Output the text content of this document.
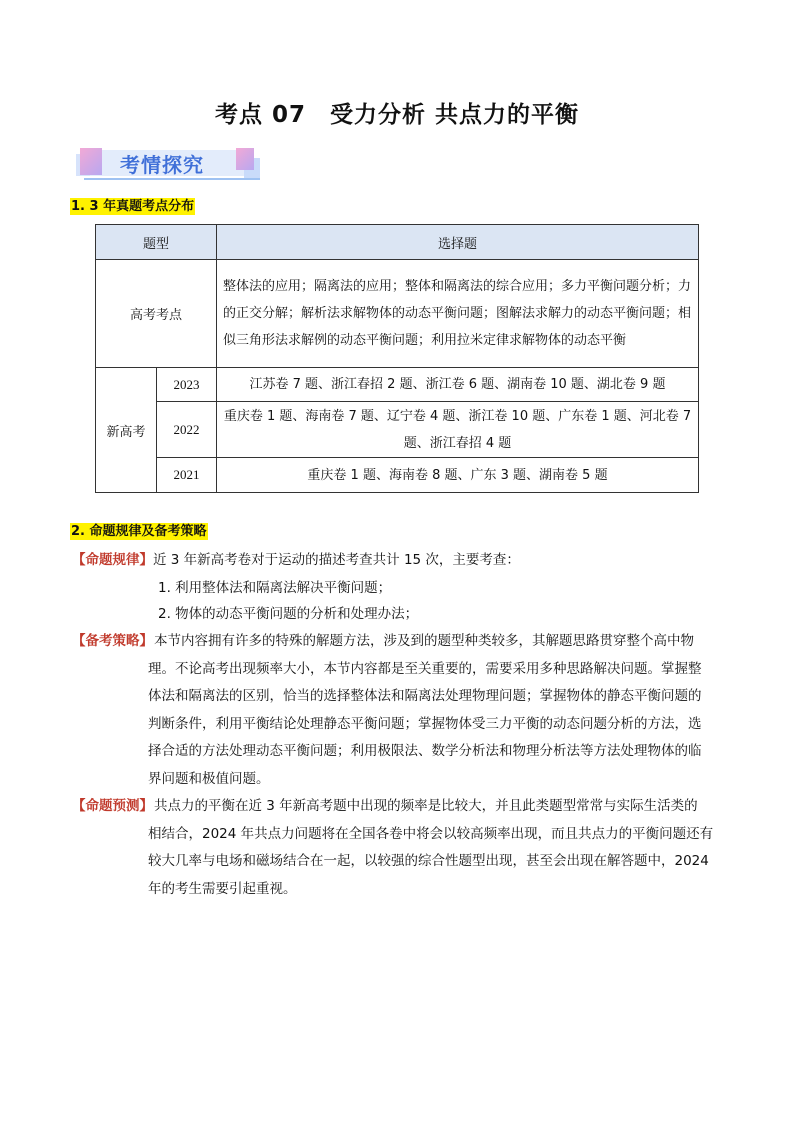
考点 07　受力分析 共点力的平衡
考情探究
1. 3 年真题考点分布
题型		选择题
高考考点		整体法的应用；隔离法的应用；整体和隔离法的综合应用；多力平衡问题分析；力的正交分解；解析法求解物体的动态平衡问题；图解法求解力的动态平衡问题；相似三角形法求解例的动态平衡问题；利用拉米定律求解物体的动态平衡
新高考	2023	江苏卷 7 题、浙江春招 2 题、浙江卷 6 题、湖南卷 10 题、湖北卷 9 题
	2022	重庆卷 1 题、海南卷 7 题、辽宁卷 4 题、浙江卷 10 题、广东卷 1 题、河北卷 7 题、浙江春招 4 题
	2021	重庆卷 1 题、海南卷 8 题、广东 3 题、湖南卷 5 题
2. 命题规律及备考策略
【命题规律】近 3 年新高考卷对于运动的描述考查共计 15 次，主要考查：
1. 利用整体法和隔离法解决平衡问题；
2. 物体的动态平衡问题的分析和处理办法；
【备考策略】 本节内容拥有许多的特殊的解题方法，涉及到的题型种类较多，其解题思路贯穿整个高中物
理。不论高考出现频率大小，本节内容都是至关重要的，需要采用多种思路解决问题。掌握整
体法和隔离法的区别，恰当的选择整体法和隔离法处理物理问题；掌握物体的静态平衡问题的
判断条件，利用平衡结论处理静态平衡问题；掌握物体受三力平衡的动态问题分析的方法，选
择合适的方法处理动态平衡问题；利用极限法、数学分析法和物理分析法等方法处理物体的临
界问题和极值问题。
【命题预测】 共点力的平衡在近 3 年新高考题中出现的频率是比较大，并且此类题型常常与实际生活类的
相结合，2024 年共点力问题将在全国各卷中将会以较高频率出现，而且共点力的平衡问题还有
较大几率与电场和磁场结合在一起，以较强的综合性题型出现，甚至会出现在解答题中，2024
年的考生需要引起重视。
